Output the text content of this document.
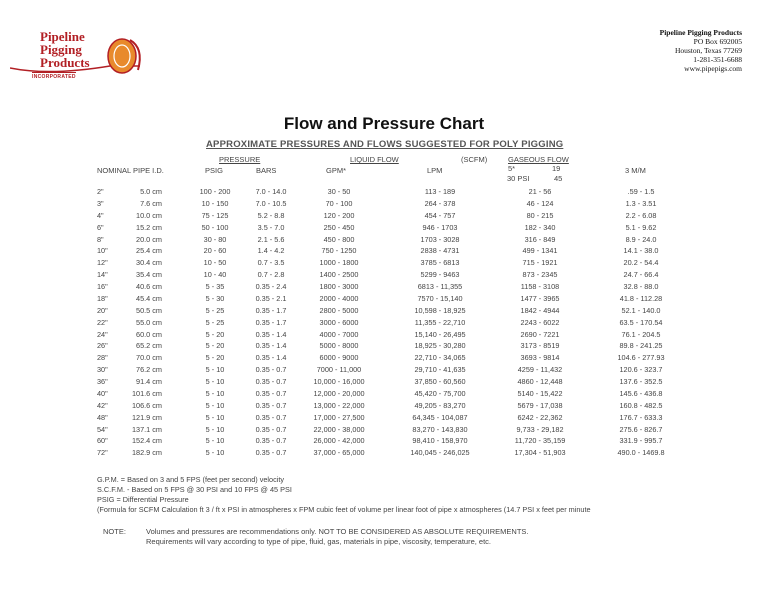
Pipeline
Pigging
Products
INCORPORATED
Pipeline Pigging Products
PO Box 692005
Houston, Texas 77269
1-281-351-6688
www.pipepigs.com
Flow and Pressure Chart
APPROXIMATE PRESSURES AND FLOWS SUGGESTED FOR POLY PIGGING
PRESSURE	LIQUID FLOW	(SCFM)	GASEOUS FLOW
NOMINAL PIPE I.D.	PSIG	BARS	GPM*	LPM	5*	19
30 PSI	45
3 M/M
2"	5.0 cm	100 - 200	7.0 - 14.0	30 - 50	113 - 189	21 - 56	.59 - 1.5
3"	7.6 cm	10 - 150	7.0 - 10.5	70 - 100	264 - 378	46 - 124	1.3 - 3.51
4"	10.0 cm	75 - 125	5.2 - 8.8	120 - 200	454 - 757	80 - 215	2.2 - 6.08
6"	15.2 cm	50 - 100	3.5 - 7.0	250 - 450	946 - 1703	182 - 340	5.1 - 9.62
8"	20.0 cm	30 - 80	2.1 - 5.6	450 - 800	1703 - 3028	316 - 849	8.9 - 24.0
10"	25.4 cm	20 - 60	1.4 - 4.2	750 - 1250	2838 - 4731	499 - 1341	14.1 - 38.0
12"	30.4 cm	10 - 50	0.7 - 3.5	1000 - 1800	3785 - 6813	715 - 1921	20.2 - 54.4
14"	35.4 cm	10 - 40	0.7 - 2.8	1400 - 2500	5299 - 9463	873 - 2345	24.7 - 66.4
16"	40.6 cm	5 - 35	0.35 - 2.4	1800 - 3000	6813 - 11,355	1158 - 3108	32.8 - 88.0
18"	45.4 cm	5 - 30	0.35 - 2.1	2000 - 4000	7570 - 15,140	1477 - 3965	41.8 - 112.28
20"	50.5 cm	5 - 25	0.35 - 1.7	2800 - 5000	10,598 - 18,925	1842 - 4944	52.1 - 140.0
22"	55.0 cm	5 - 25	0.35 - 1.7	3000 - 6000	11,355 - 22,710	2243 - 6022	63.5 - 170.54
24"	60.0 cm	5 - 20	0.35 - 1.4	4000 - 7000	15,140 - 26,495	2690 - 7221	76.1 - 204.5
26"	65.2 cm	5 - 20	0.35 - 1.4	5000 - 8000	18,925 - 30,280	3173 - 8519	89.8 - 241.25
28"	70.0 cm	5 - 20	0.35 - 1.4	6000 - 9000	22,710 - 34,065	3693 - 9814	104.6 - 277.93
30"	76.2 cm	5 - 10	0.35 - 0.7	7000 - 11,000	29,710 - 41,635	4259 - 11,432	120.6 - 323.7
36"	91.4 cm	5 - 10	0.35 - 0.7	10,000 - 16,000	37,850 - 60,560	4860 - 12,448	137.6 - 352.5
40"	101.6 cm	5 - 10	0.35 - 0.7	12,000 - 20,000	45,420 - 75,700	5140 - 15,422	145.6 - 436.8
42"	106.6 cm	5 - 10	0.35 - 0.7	13,000 - 22,000	49,205 - 83,270	5679 - 17,038	160.8 - 482.5
48"	121.9 cm	5 - 10	0.35 - 0.7	17,000 - 27,500	64,345 - 104,087	6242 - 22,362	176.7 - 633.3
54"	137.1 cm	5 - 10	0.35 - 0.7	22,000 - 38,000	83,270 - 143,830	9,733 - 29,182	275.6 - 826.7
60"	152.4 cm	5 - 10	0.35 - 0.7	26,000 - 42,000	98,410 - 158,970	11,720 - 35,159	331.9 - 995.7
72"	182.9 cm	5 - 10	0.35 - 0.7	37,000 - 65,000	140,045 - 246,025	17,304 - 51,903	490.0 - 1469.8
G.P.M. = Based on 3 and 5 FPS (feet per second) velocity
S.C.F.M. - Based on 5 FPS @ 30 PSI and 10 FPS @ 45 PSI
PSIG = Differential Pressure
(Formula for SCFM Calculation ft 3 / ft x PSI in atmospheres x FPM cubic feet of volume per linear foot of pipe x atmospheres (14.7 PSI x feet per minute
NOTE:	Volumes and pressures are recommendations only. NOT TO BE CONSIDERED AS ABSOLUTE REQUIREMENTS.
Requirements will vary according to type of pipe, fluid, gas, materials in pipe, viscosity, temperature, etc.
